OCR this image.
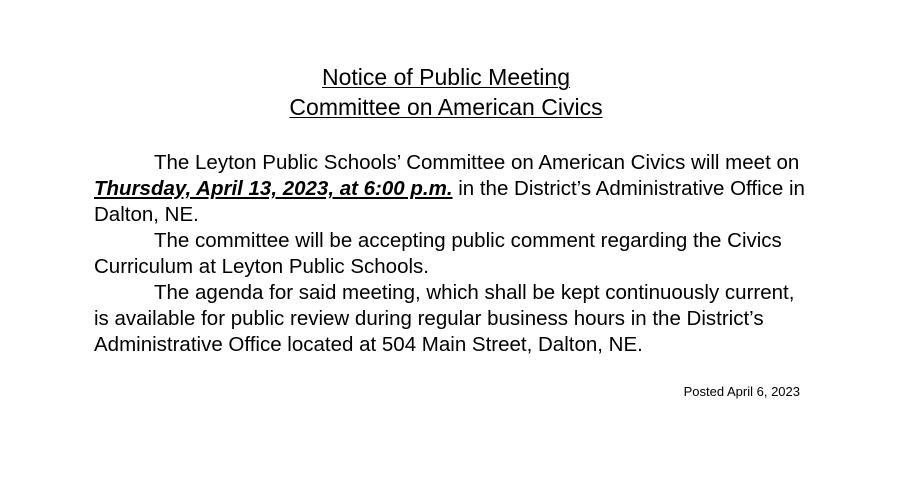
Notice of Public Meeting
Committee on American Civics

The Leyton Public Schools’ Committee on American Civics will meet on Thursday, April 13, 2023, at 6:00 p.m. in the District’s Administrative Office in Dalton, NE.

The committee will be accepting public comment regarding the Civics Curriculum at Leyton Public Schools.

The agenda for said meeting, which shall be kept continuously current, is available for public review during regular business hours in the District’s Administrative Office located at 504 Main Street, Dalton, NE.

Posted April 6, 2023
